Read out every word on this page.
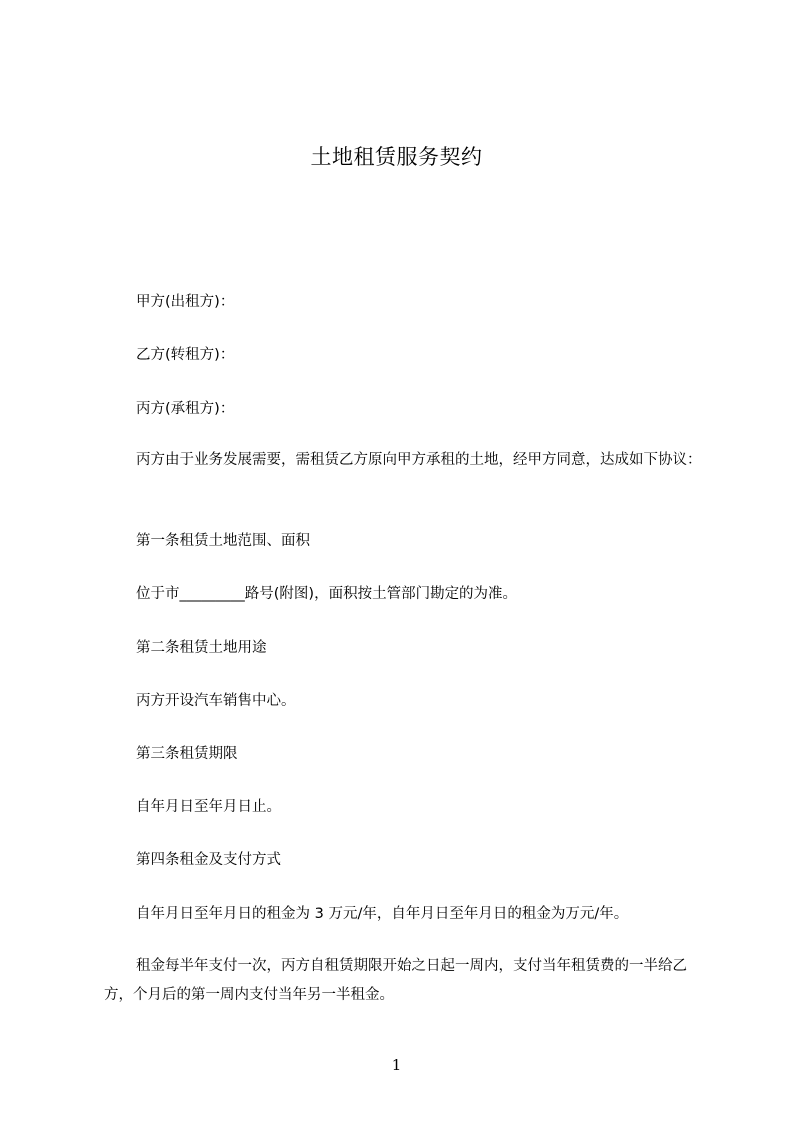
土地租赁服务契约
甲方(出租方)：
乙方(转租方)：
丙方(承租方)：
丙方由于业务发展需要，需租赁乙方原向甲方承租的土地，经甲方同意，达成如下协议：
第一条租赁土地范围、面积
位于市_________路号(附图)，面积按土管部门勘定的为准。
第二条租赁土地用途
丙方开设汽车销售中心。
第三条租赁期限
自年月日至年月日止。
第四条租金及支付方式
自年月日至年月日的租金为 3 万元/年，自年月日至年月日的租金为万元/年。
租金每半年支付一次，丙方自租赁期限开始之日起一周内，支付当年租赁费的一半给乙方，个月后的第一周内支付当年另一半租金。
1
